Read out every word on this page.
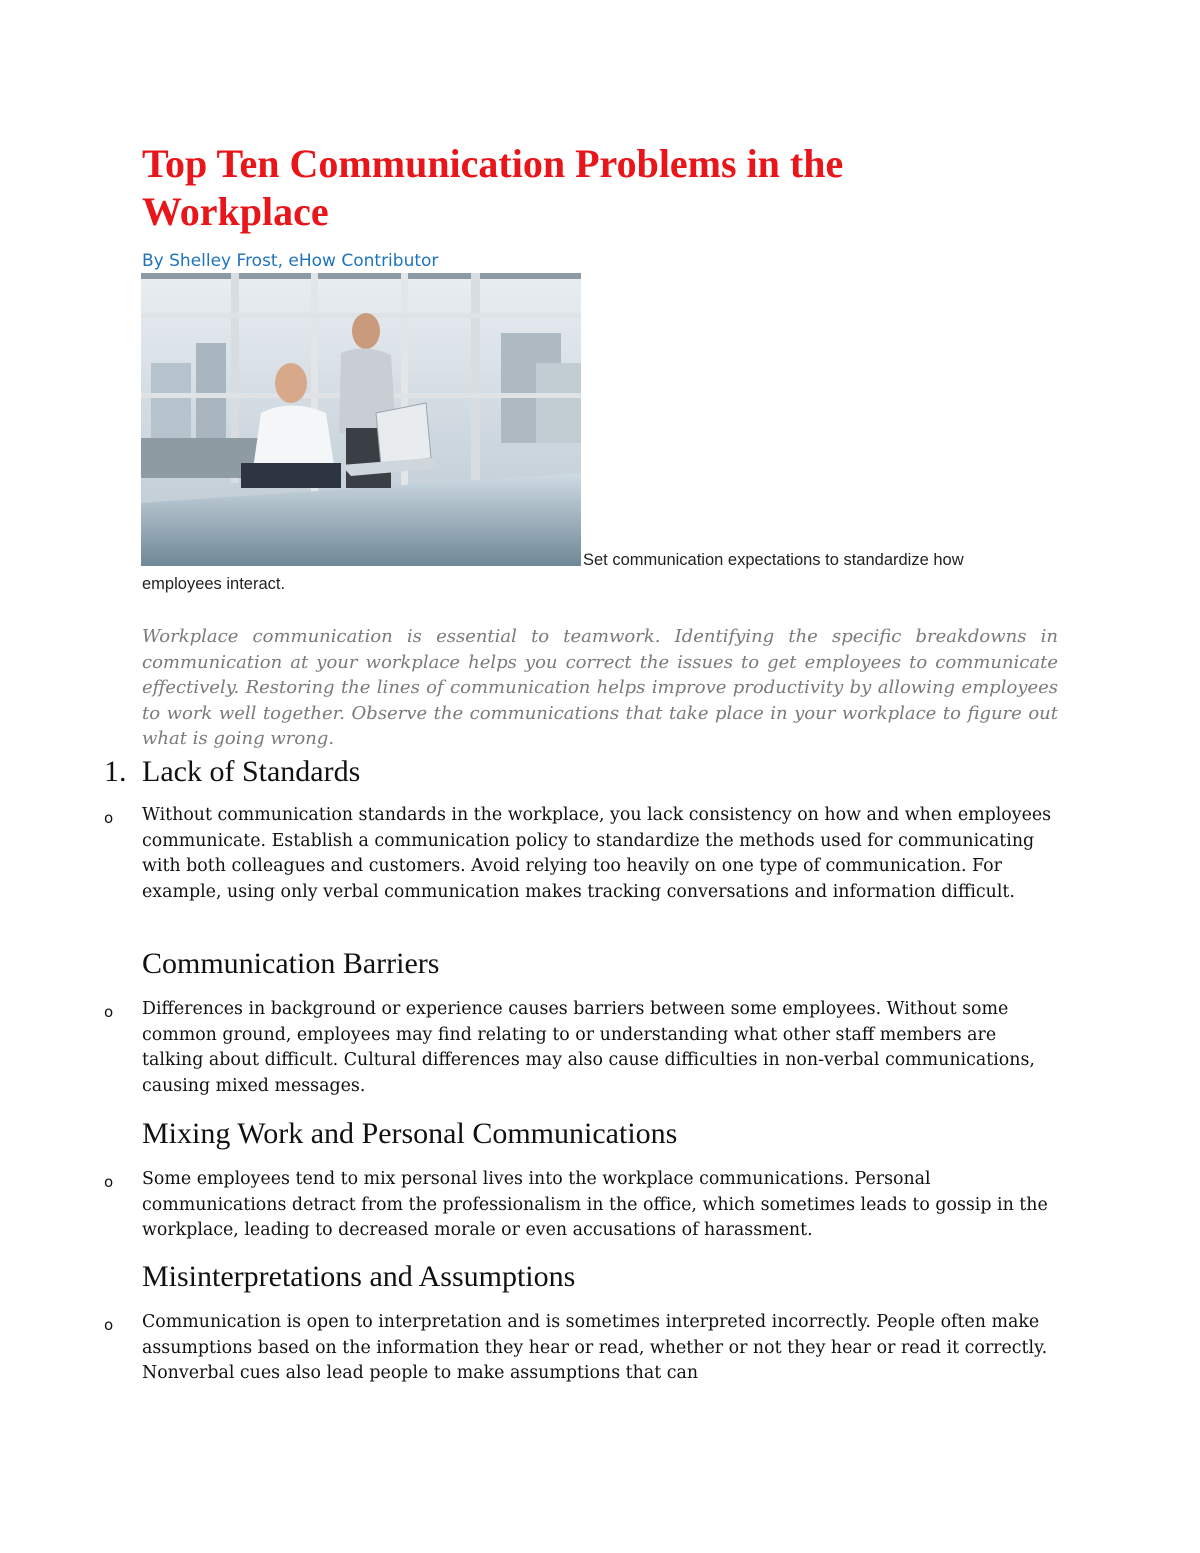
Top Ten Communication Problems in the Workplace

By Shelley Frost, eHow Contributor

Set communication expectations to standardize how

employees interact.

Workplace communication is essential to teamwork. Identifying the specific breakdowns in communication at your workplace helps you correct the issues to get employees to communicate effectively. Restoring the lines of communication helps improve productivity by allowing employees to work well together. Observe the communications that take place in your workplace to figure out what is going wrong.

1. Lack of Standards
o Without communication standards in the workplace, you lack consistency on how and when employees communicate. Establish a communication policy to standardize the methods used for communicating with both colleagues and customers. Avoid relying too heavily on one type of communication. For example, using only verbal communication makes tracking conversations and information difficult.

Communication Barriers
o Differences in background or experience causes barriers between some employees. Without some common ground, employees may find relating to or understanding what other staff members are talking about difficult. Cultural differences may also cause difficulties in non-verbal communications, causing mixed messages.

Mixing Work and Personal Communications
o Some employees tend to mix personal lives into the workplace communications. Personal communications detract from the professionalism in the office, which sometimes leads to gossip in the workplace, leading to decreased morale or even accusations of harassment.

Misinterpretations and Assumptions
o Communication is open to interpretation and is sometimes interpreted incorrectly. People often make assumptions based on the information they hear or read, whether or not they hear or read it correctly. Nonverbal cues also lead people to make assumptions that can
